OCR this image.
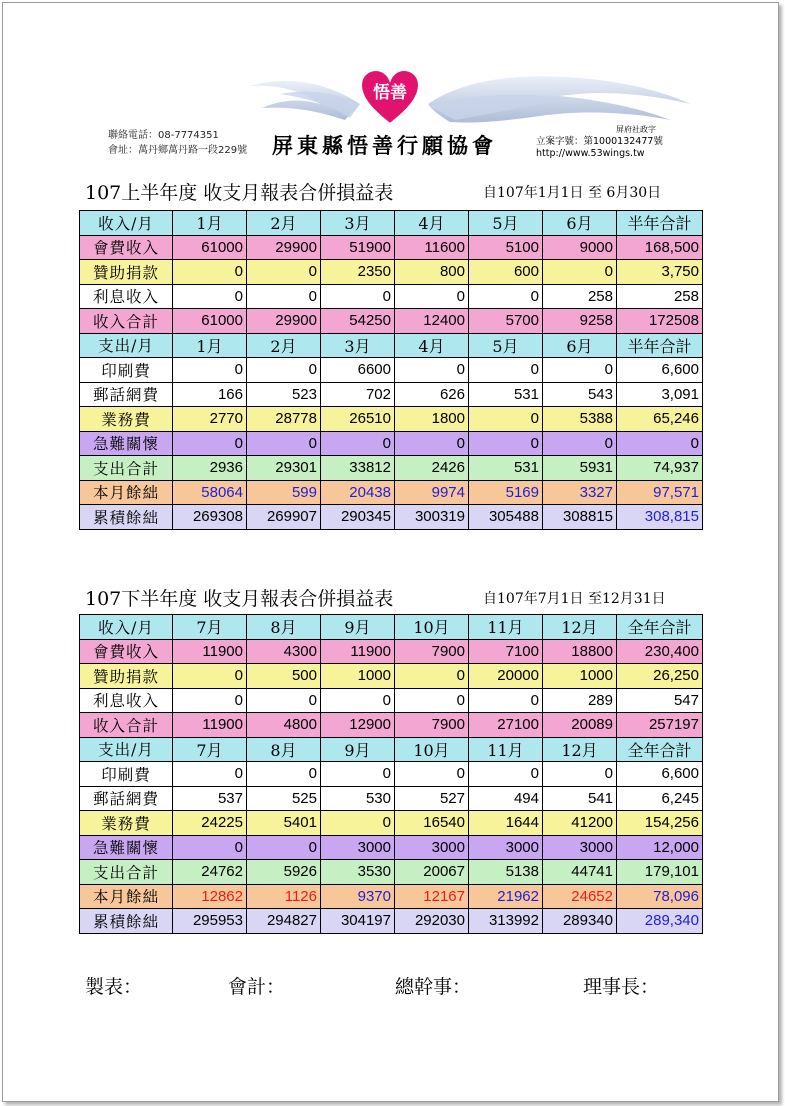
悟善
聯絡電話：08-7774351
會址：萬丹鄉萬丹路一段229號 屏東縣悟善行願協會
屏府社政字
立案字號：第1000132477號
http://www.53wings.tw
107上半年度 收支月報表合併損益表	自107年1月1日 至 6月30日
收入/月	1月	2月	3月	4月	5月	6月	半年合計
會費收入	61000	29900	51900	11600	5100	9000	168,500
贊助捐款	0	0	2350	800	600	0	3,750
利息收入	0	0	0	0	0	258	258
收入合計	61000	29900	54250	12400	5700	9258	172508
支出/月	1月	2月	3月	4月	5月	6月	半年合計
印刷費	0	0	6600	0	0	0	6,600
郵話網費	166	523	702	626	531	543	3,091
業務費	2770	28778	26510	1800	0	5388	65,246
急難關懷	0	0	0	0	0	0	0
支出合計	2936	29301	33812	2426	531	5931	74,937
本月餘絀	58064	599	20438	9974	5169	3327	97,571
累積餘絀	269308	269907	290345	300319	305488	308815	308,815
107下半年度 收支月報表合併損益表	自107年7月1日 至12月31日
收入/月	7月	8月	9月	10月	11月	12月	全年合計
會費收入	11900	4300	11900	7900	7100	18800	230,400
贊助捐款	0	500	1000	0	20000	1000	26,250
利息收入	0	0	0	0	0	289	547
收入合計	11900	4800	12900	7900	27100	20089	257197
支出/月	7月	8月	9月	10月	11月	12月	全年合計
印刷費	0	0	0	0	0	0	6,600
郵話網費	537	525	530	527	494	541	6,245
業務費	24225	5401	0	16540	1644	41200	154,256
急難關懷	0	0	3000	3000	3000	3000	12,000
支出合計	24762	5926	3530	20067	5138	44741	179,101
本月餘絀	12862	1126	9370	12167	21962	24652	78,096
累積餘絀	295953	294827	304197	292030	313992	289340	289,340
製表：	會計：	總幹事：	理事長：
